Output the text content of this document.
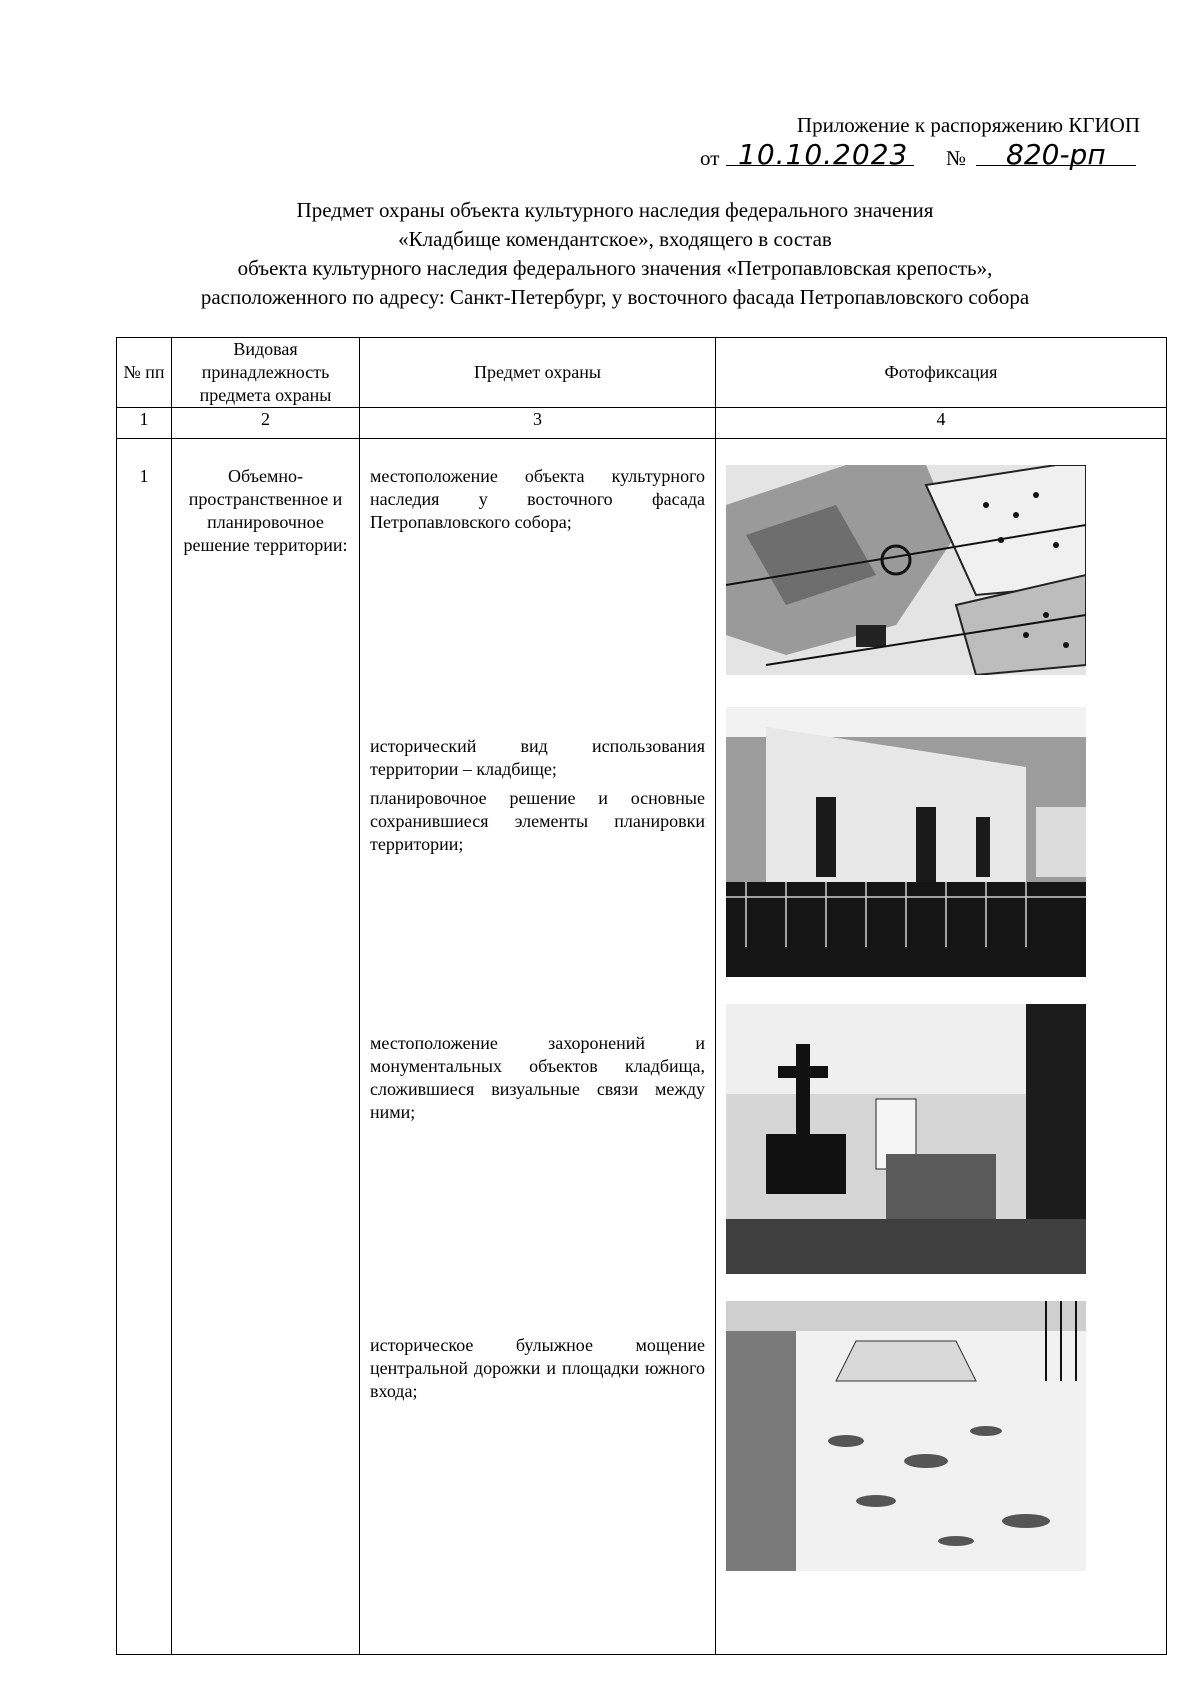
Приложение к распоряжению КГИОП
от 10.10.2023 № 820-рп
Предмет охраны объекта культурного наследия федерального значения
«Кладбище комендантское», входящего в состав
объекта культурного наследия федерального значения «Петропавловская крепость»,
расположенного по адресу: Санкт-Петербург, у восточного фасада Петропавловского собора
№ пп	Видовая принадлежность предмета охраны	Предмет охраны	Фотофиксация
1	2	3	4
1	Объемно-пространственное и планировочное решение территории:	местоположение объекта культурного наследия у восточного фасада Петропавловского собора;
исторический вид использования территории – кладбище;
планировочное решение и основные сохранившиеся элементы планировки территории;
местоположение захоронений и монументальных объектов кладбища, сложившиеся визуальные связи между ними;
историческое булыжное мощение центральной дорожки и площадки южного входа;
